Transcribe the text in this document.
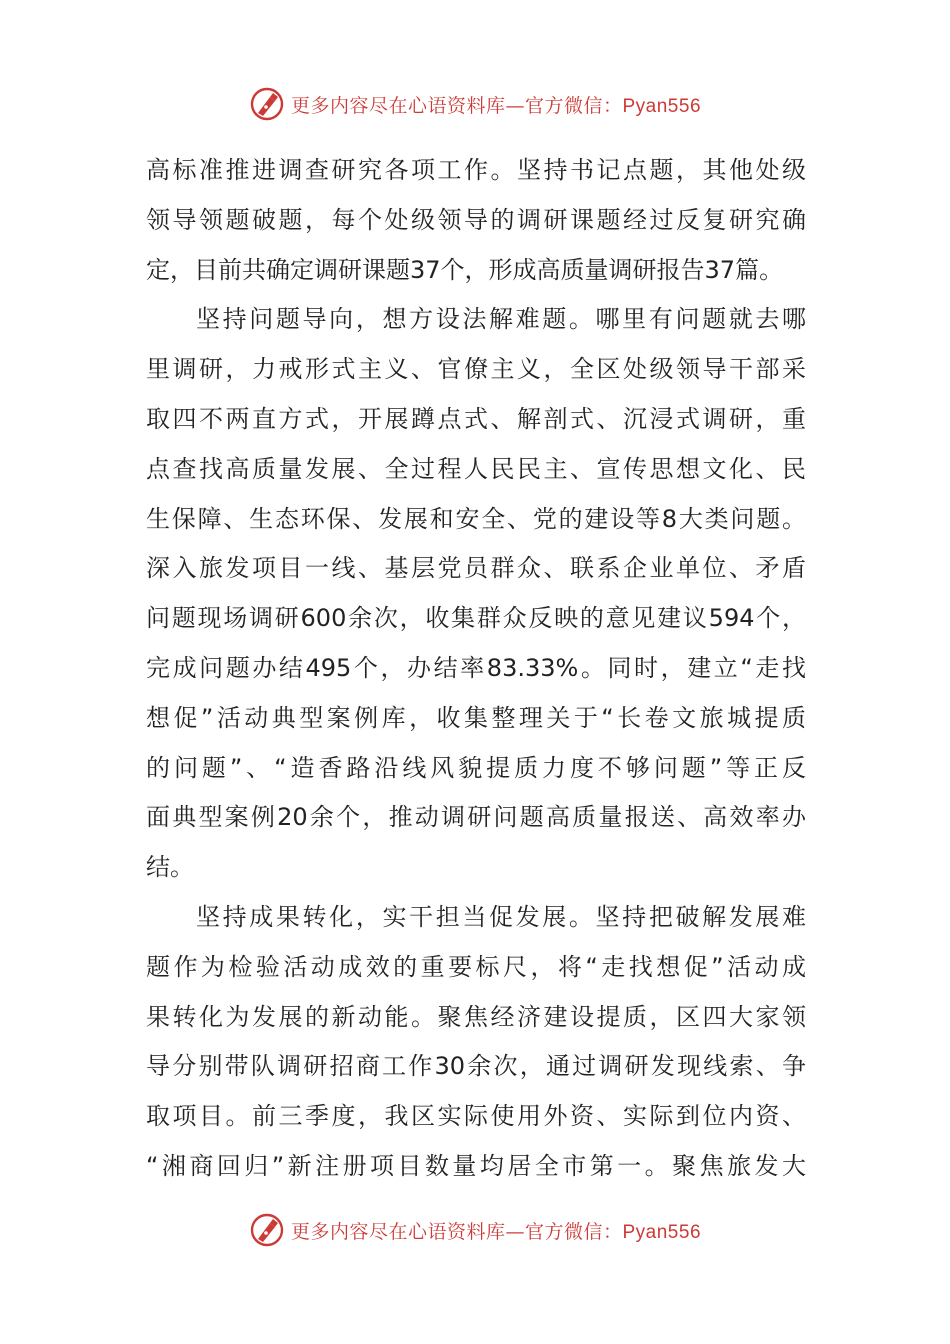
更多内容尽在心语资料库—官方微信：Pyan556
高标准推进调查研究各项工作。坚持书记点题，其他处级
领导领题破题，每个处级领导的调研课题经过反复研究确
定，目前共确定调研课题37个，形成高质量调研报告37篇。
坚持问题导向，想方设法解难题。哪里有问题就去哪
里调研，力戒形式主义、官僚主义，全区处级领导干部采
取四不两直方式，开展蹲点式、解剖式、沉浸式调研，重
点查找高质量发展、全过程人民民主、宣传思想文化、民
生保障、生态环保、发展和安全、党的建设等8大类问题。
深入旅发项目一线、基层党员群众、联系企业单位、矛盾
问题现场调研600余次，收集群众反映的意见建议594个，
完成问题办结495个，办结率83.33%。同时，建立“走找
想促”活动典型案例库，收集整理关于“长卷文旅城提质
的问题”、“造香路沿线风貌提质力度不够问题”等正反
面典型案例20余个，推动调研问题高质量报送、高效率办
结。
坚持成果转化，实干担当促发展。坚持把破解发展难
题作为检验活动成效的重要标尺，将“走找想促”活动成
果转化为发展的新动能。聚焦经济建设提质，区四大家领
导分别带队调研招商工作30余次，通过调研发现线索、争
取项目。前三季度，我区实际使用外资、实际到位内资、
“湘商回归”新注册项目数量均居全市第一。聚焦旅发大
更多内容尽在心语资料库—官方微信：Pyan556
